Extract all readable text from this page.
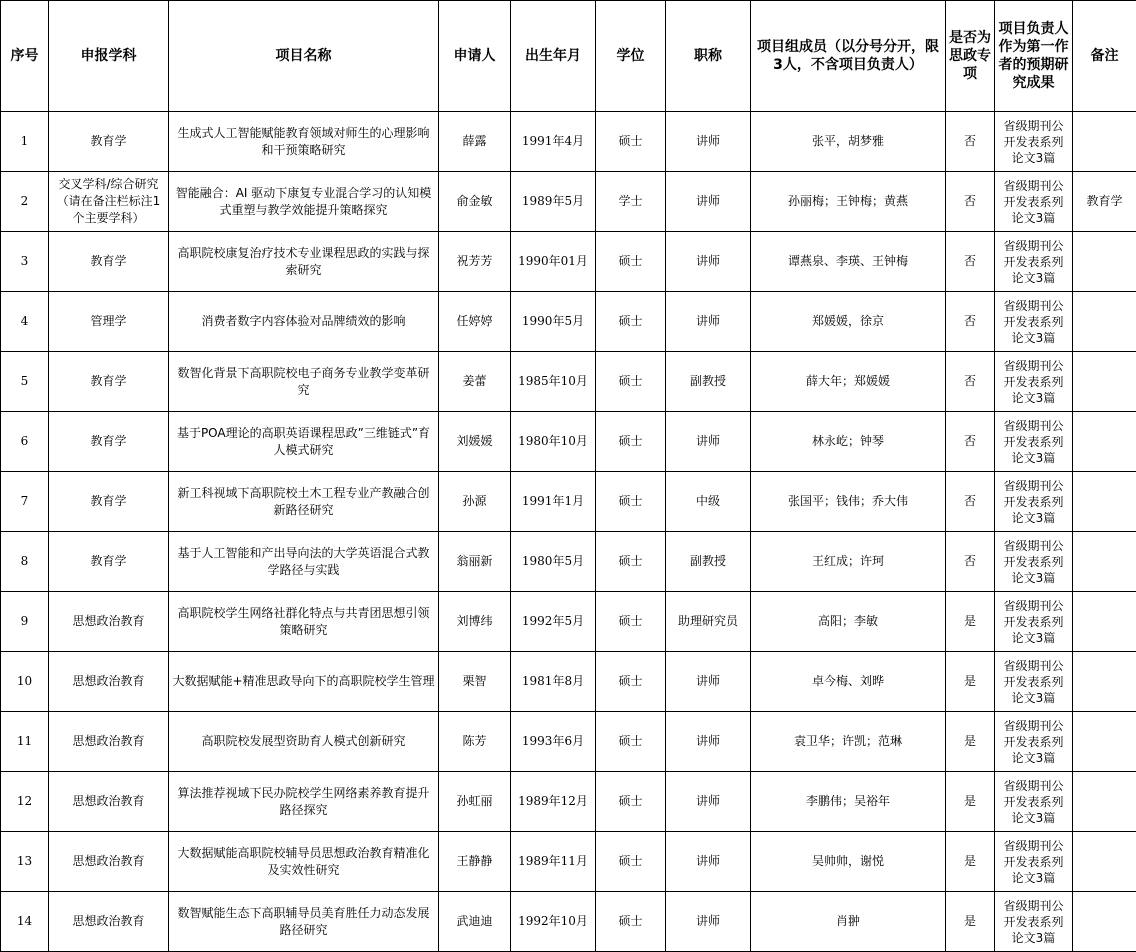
序号	申报学科	项目名称	申请人	出生年月	学位	职称	项目组成员（以分号分开，限3人，不含项目负责人）	是否为思政专项	项目负责人作为第一作者的预期研究成果	备注
1	教育学	生成式人工智能赋能教育领域对师生的心理影响和干预策略研究	薛露	1991年4月	硕士	讲师	张平，胡梦雅	否	省级期刊公开发表系列论文3篇	
2	交叉学科/综合研究（请在备注栏标注1个主要学科）	智能融合：AI 驱动下康复专业混合学习的认知模式重塑与教学效能提升策略探究	俞金敏	1989年5月	学士	讲师	孙丽梅；王钟梅；黄燕	否	省级期刊公开发表系列论文3篇	教育学
3	教育学	高职院校康复治疗技术专业课程思政的实践与探索研究	祝芳芳	1990年01月	硕士	讲师	谭燕泉、李瑛、王钟梅	否	省级期刊公开发表系列论文3篇	
4	管理学	消费者数字内容体验对品牌绩效的影响	任婷婷	1990年5月	硕士	讲师	郑媛媛，徐京	否	省级期刊公开发表系列论文3篇	
5	教育学	数智化背景下高职院校电子商务专业教学变革研究	姜蕾	1985年10月	硕士	副教授	薛大年；郑媛媛	否	省级期刊公开发表系列论文3篇	
6	教育学	基于POA理论的高职英语课程思政”三维链式”育人模式研究	刘媛媛	1980年10月	硕士	讲师	林永屹；钟琴	否	省级期刊公开发表系列论文3篇	
7	教育学	新工科视域下高职院校土木工程专业产教融合创新路径研究	孙源	1991年1月	硕士	中级	张国平；钱伟；乔大伟	否	省级期刊公开发表系列论文3篇	
8	教育学	基于人工智能和产出导向法的大学英语混合式教学路径与实践	翁丽新	1980年5月	硕士	副教授	王红成；许珂	否	省级期刊公开发表系列论文3篇	
9	思想政治教育	高职院校学生网络社群化特点与共青团思想引领策略研究	刘博纬	1992年5月	硕士	助理研究员	高阳；李敏	是	省级期刊公开发表系列论文3篇	
10	思想政治教育	大数据赋能+精准思政导向下的高职院校学生管理	栗智	1981年8月	硕士	讲师	卓今梅、刘晔	是	省级期刊公开发表系列论文3篇	
11	思想政治教育	高职院校发展型资助育人模式创新研究	陈芳	1993年6月	硕士	讲师	袁卫华；许凯；范琳	是	省级期刊公开发表系列论文3篇	
12	思想政治教育	算法推荐视域下民办院校学生网络素养教育提升路径探究	孙虹丽	1989年12月	硕士	讲师	李鹏伟；吴裕年	是	省级期刊公开发表系列论文3篇	
13	思想政治教育	大数据赋能高职院校辅导员思想政治教育精准化及实效性研究	王静静	1989年11月	硕士	讲师	吴帅帅，谢悦	是	省级期刊公开发表系列论文3篇	
14	思想政治教育	数智赋能生态下高职辅导员美育胜任力动态发展路径研究	武迪迪	1992年10月	硕士	讲师	肖翀	是	省级期刊公开发表系列论文3篇	
